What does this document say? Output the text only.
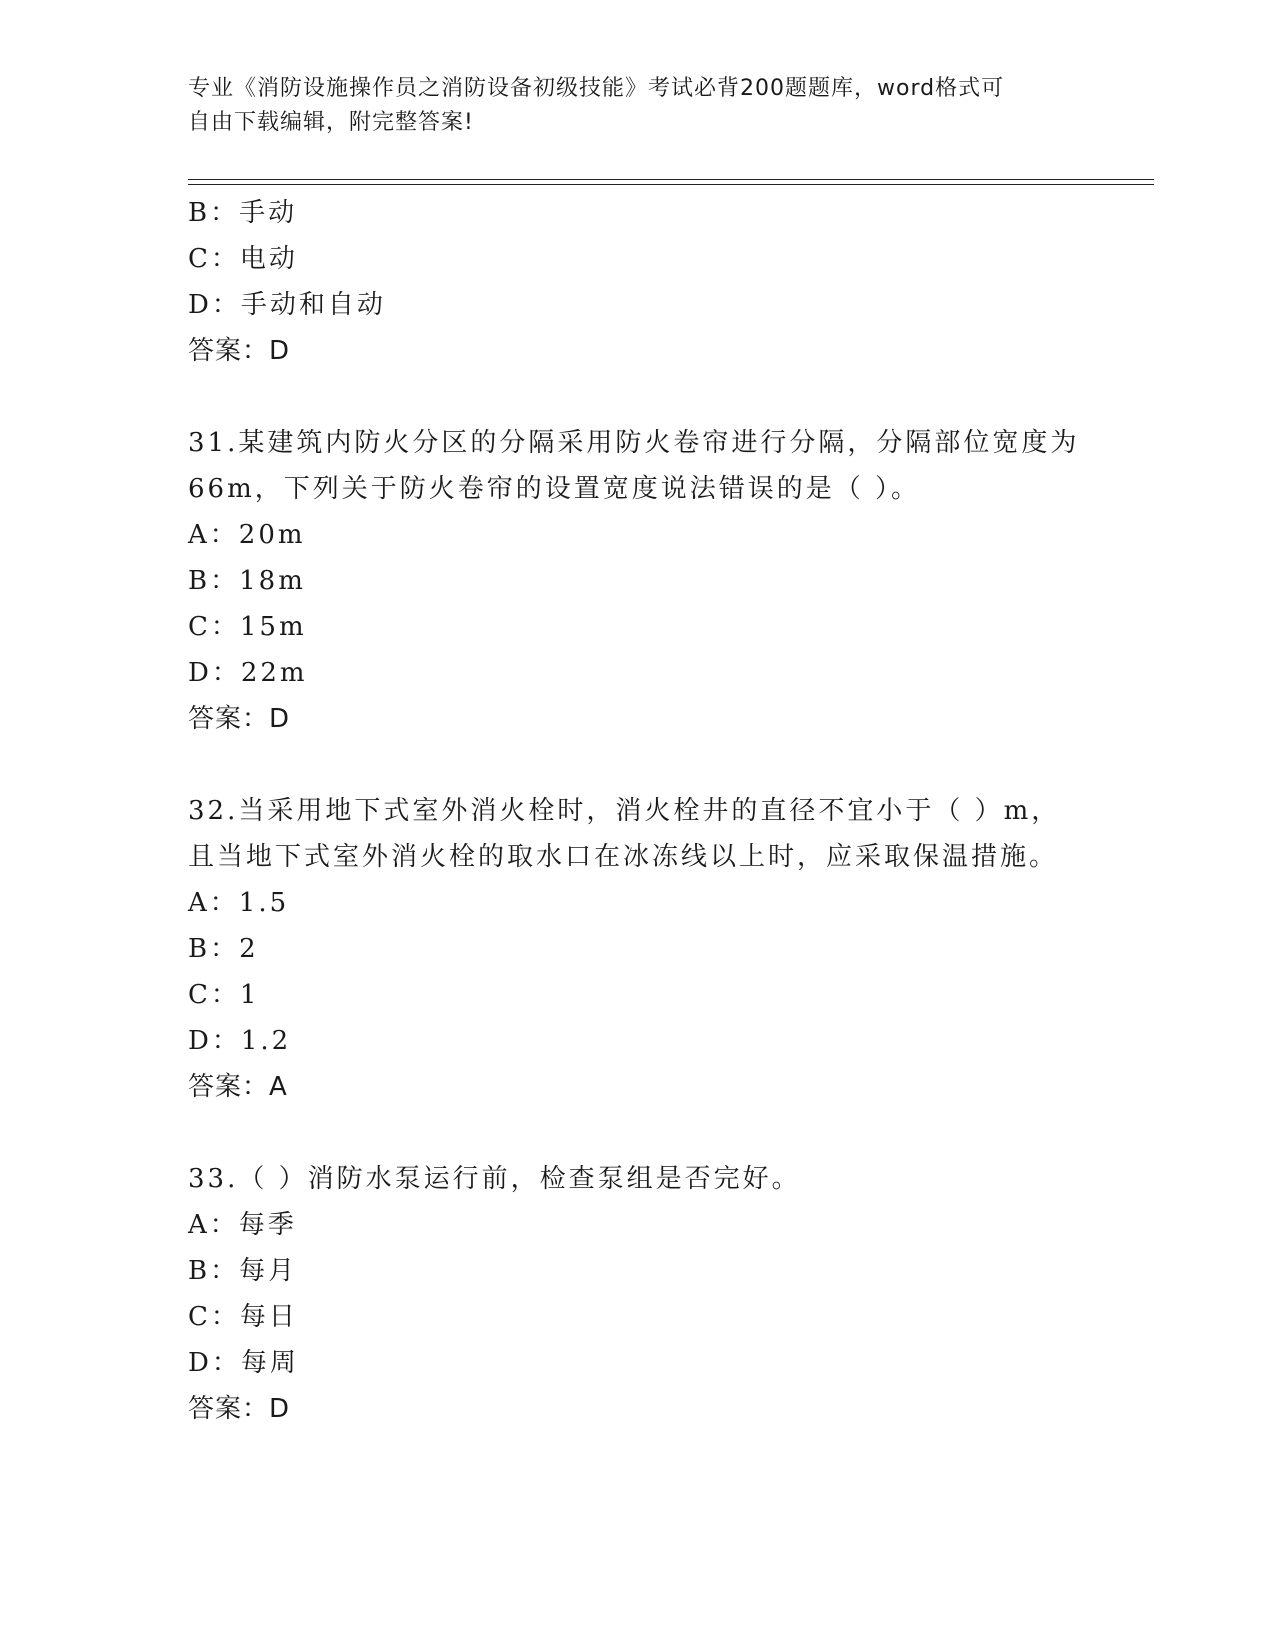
专业《消防设施操作员之消防设备初级技能》考试必背200题题库，word格式可
自由下载编辑，附完整答案!
B：手动
C：电动
D：手动和自动
答案：D
31.某建筑内防火分区的分隔采用防火卷帘进行分隔，分隔部位宽度为
66m，下列关于防火卷帘的设置宽度说法错误的是（ ）。
A：20m
B：18m
C：15m
D：22m
答案：D
32.当采用地下式室外消火栓时，消火栓井的直径不宜小于（ ）m，
且当地下式室外消火栓的取水口在冰冻线以上时，应采取保温措施。
A：1.5
B：2
C：1
D：1.2
答案：A
33.（ ）消防水泵运行前，检查泵组是否完好。
A：每季
B：每月
C：每日
D：每周
答案：D
